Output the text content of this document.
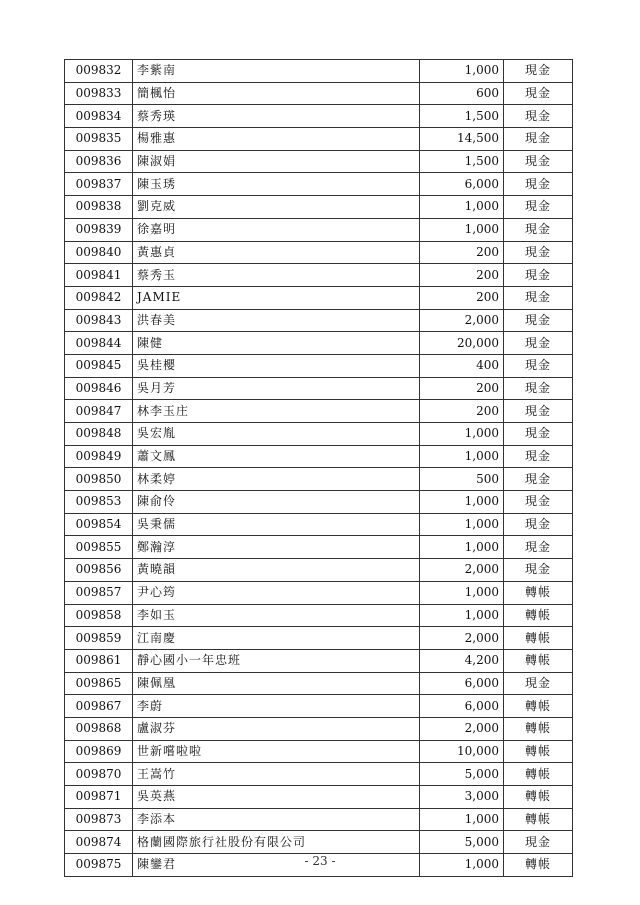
009832	李紫南	1,000	現金
009833	簡楓怡	600	現金
009834	蔡秀瑛	1,500	現金
009835	楊雅惠	14,500	現金
009836	陳淑娟	1,500	現金
009837	陳玉琇	6,000	現金
009838	劉克威	1,000	現金
009839	徐嘉明	1,000	現金
009840	黃惠貞	200	現金
009841	蔡秀玉	200	現金
009842	JAMIE	200	現金
009843	洪春美	2,000	現金
009844	陳健	20,000	現金
009845	吳桂櫻	400	現金
009846	吳月芳	200	現金
009847	林李玉庄	200	現金
009848	吳宏胤	1,000	現金
009849	蕭文鳳	1,000	現金
009850	林柔婷	500	現金
009853	陳俞伶	1,000	現金
009854	吳秉儒	1,000	現金
009855	鄭瀚淳	1,000	現金
009856	黃曉韻	2,000	現金
009857	尹心筠	1,000	轉帳
009858	李如玉	1,000	轉帳
009859	江南慶	2,000	轉帳
009861	靜心國小一年忠班	4,200	轉帳
009865	陳佩凰	6,000	現金
009867	李蔚	6,000	轉帳
009868	盧淑芬	2,000	轉帳
009869	世新嚐啦啦	10,000	轉帳
009870	王嵩竹	5,000	轉帳
009871	吳英燕	3,000	轉帳
009873	李添本	1,000	轉帳
009874	格蘭國際旅行社股份有限公司	5,000	現金
009875	陳鑾君	1,000	轉帳
- 23 -
